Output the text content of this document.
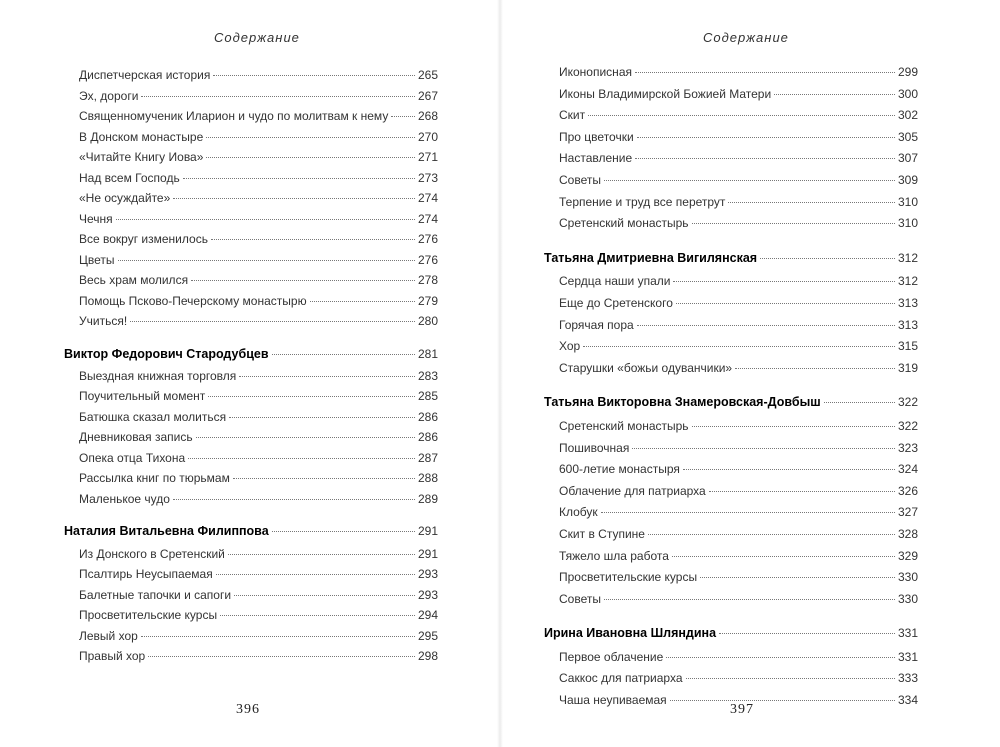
Содержание
Диспетчерская история	265
Эх, дороги	267
Священномученик Иларион и чудо по молитвам к нему 268
В Донском монастыре	270
«Читайте Книгу Иова»	271
Над всем Господь	273
«Не осуждайте»	274
Чечня	274
Все вокруг изменилось	276
Цветы	276
Весь храм молился	278
Помощь Псково-Печерскому монастырю	279
Учиться!	280
Виктор Федорович Стародубцев	281
Выездная книжная торговля	283
Поучительный момент	285
Батюшка сказал молиться	286
Дневниковая запись	286
Опека отца Тихона	287
Рассылка книг по тюрьмам	288
Маленькое чудо	289
Наталия Витальевна Филиппова	291
Из Донского в Сретенский	291
Псалтирь Неусыпаемая	293
Балетные тапочки и сапоги	293
Просветительские курсы	294
Левый хор	295
Правый хор	298
396
Содержание
Иконописная	299
Иконы Владимирской Божией Матери	300
Скит	302
Про цветочки	305
Наставление	307
Советы	309
Терпение и труд все перетрут	310
Сретенский монастырь	310
Татьяна Дмитриевна Вигилянская	312
Сердца наши упали	312
Еще до Сретенского	313
Горячая пора	313
Хор	315
Старушки «божьи одуванчики»	319
Татьяна Викторовна Знамеровская-Довбыш	322
Сретенский монастырь	322
Пошивочная	323
600-летие монастыря	324
Облачение для патриарха	326
Клобук	327
Скит в Ступине	328
Тяжело шла работа	329
Просветительские курсы	330
Советы	330
Ирина Ивановна Шляндина	331
Первое облачение	331
Саккос для патриарха	333
Чаша неупиваемая	334
397
